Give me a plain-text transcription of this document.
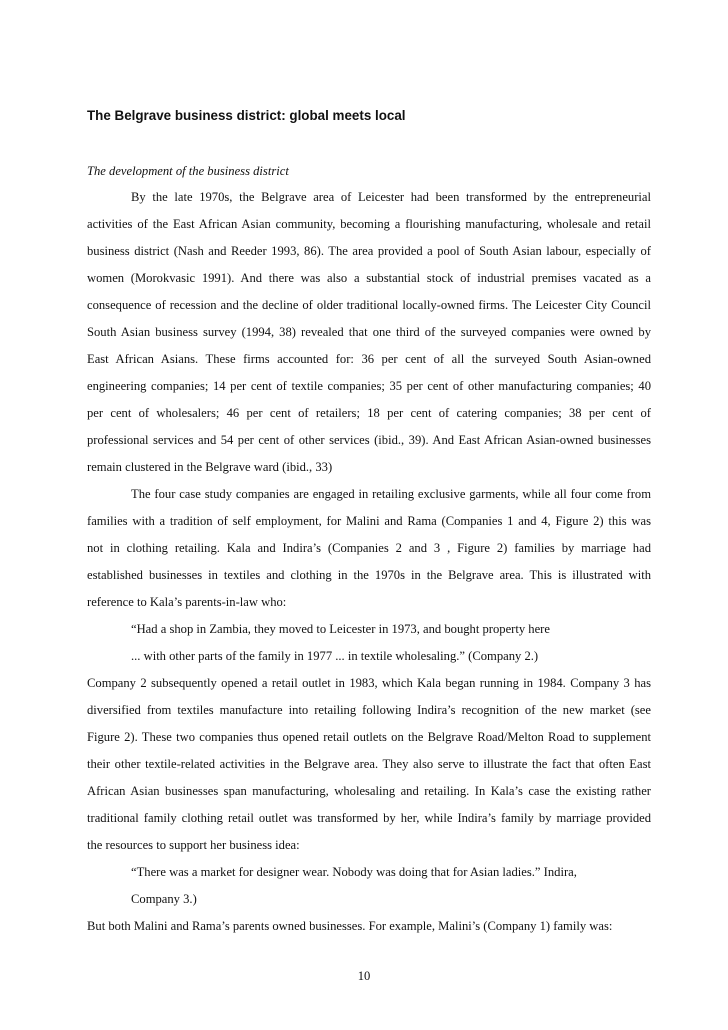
The Belgrave business district: global meets local
The development of the business district
By the late 1970s, the Belgrave area of Leicester had been transformed by the entrepreneurial
activities of the East African Asian community, becoming a flourishing manufacturing, wholesale and retail
business district (Nash and Reeder 1993, 86). The area provided a pool of South Asian labour, especially of
women (Morokvasic 1991). And there was also a substantial stock of industrial premises vacated as a
consequence of recession and the decline of older traditional locally-owned firms. The Leicester City Council
South Asian business survey (1994, 38) revealed that one third of the surveyed companies were owned by
East African Asians. These firms accounted for: 36 per cent of all the surveyed South Asian-owned
engineering companies; 14 per cent of textile companies; 35 per cent of other manufacturing companies; 40
per cent of wholesalers; 46 per cent of retailers; 18 per cent of catering companies; 38 per cent of
professional services and 54 per cent of other services (ibid., 39). And East African Asian-owned businesses
remain clustered in the Belgrave ward (ibid., 33)
The four case study companies are engaged in retailing exclusive garments, while all four come from
families with a tradition of self employment, for Malini and Rama (Companies 1 and 4, Figure 2) this was
not in clothing retailing. Kala and Indira’s (Companies 2 and 3 , Figure 2) families by marriage had
established businesses in textiles and clothing in the 1970s in the Belgrave area. This is illustrated with
reference to Kala’s parents-in-law who:
“Had a shop in Zambia, they moved to Leicester in 1973, and bought property here
... with other parts of the family in 1977 ... in textile wholesaling.” (Company 2.)
Company 2 subsequently opened a retail outlet in 1983, which Kala began running in 1984. Company 3 has
diversified from textiles manufacture into retailing following Indira’s recognition of the new market (see
Figure 2). These two companies thus opened retail outlets on the Belgrave Road/Melton Road to supplement
their other textile-related activities in the Belgrave area. They also serve to illustrate the fact that often East
African Asian businesses span manufacturing, wholesaling and retailing. In Kala’s case the existing rather
traditional family clothing retail outlet was transformed by her, while Indira’s family by marriage provided
the resources to support her business idea:
“There was a market for designer wear. Nobody was doing that for Asian ladies.” Indira,
Company 3.)
But both Malini and Rama’s parents owned businesses. For example, Malini’s (Company 1) family was:
10
